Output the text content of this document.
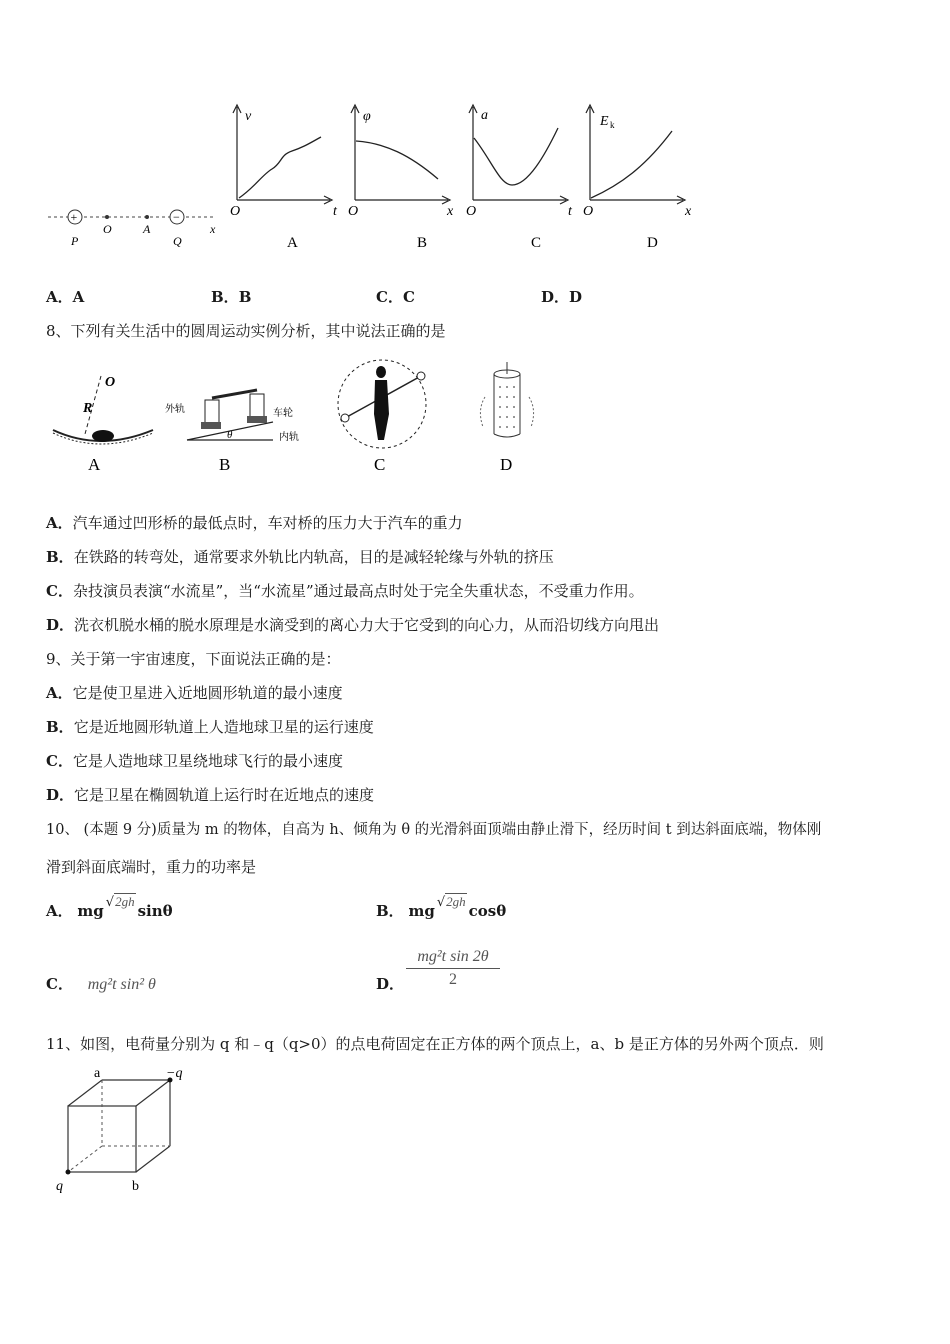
+	−
P
O	A
Q
x
v
O	t
A
φ
O	x
B
a
O	t
C
E k
O	x
D
A．A	B．B	C．C	D．D
8、下列有关生活中的圆周运动实例分析，其中说法正确的是
O
R
A
外轨	车轮
内轨
θ
B	C	D
A．汽车通过凹形桥的最低点时，车对桥的压力大于汽车的重力
B．在铁路的转弯处，通常要求外轨比内轨高，目的是减轻轮缘与外轨的挤压
C．杂技演员表演“水流星”，当“水流星”通过最高点时处于完全失重状态，不受重力作用。
D．洗衣机脱水桶的脱水原理是水滴受到的离心力大于它受到的向心力，从而沿切线方向甩出
9、关于第一宇宙速度，下面说法正确的是：
A．它是使卫星进入近地圆形轨道的最小速度
B．它是近地圆形轨道上人造地球卫星的运行速度
C．它是人造地球卫星绕地球飞行的最小速度
D．它是卫星在椭圆轨道上运行时在近地点的速度
10、 (本题 9 分)质量为 m 的物体，自高为 h、倾角为 θ 的光滑斜面顶端由静止滑下，经历时间 t 到达斜面底端，物体刚
滑到斜面底端时，重力的功率是
A． mg √2ghsinθ	B． mg √2ghcosθ
C． mg²t sin² θ	D．
mg²t sin 2θ
2
11、如图，电荷量分别为 q 和﹣q（q>0）的点电荷固定在正方体的两个顶点上，a、b 是正方体的另外两个顶点．则
a	−q
q	b
